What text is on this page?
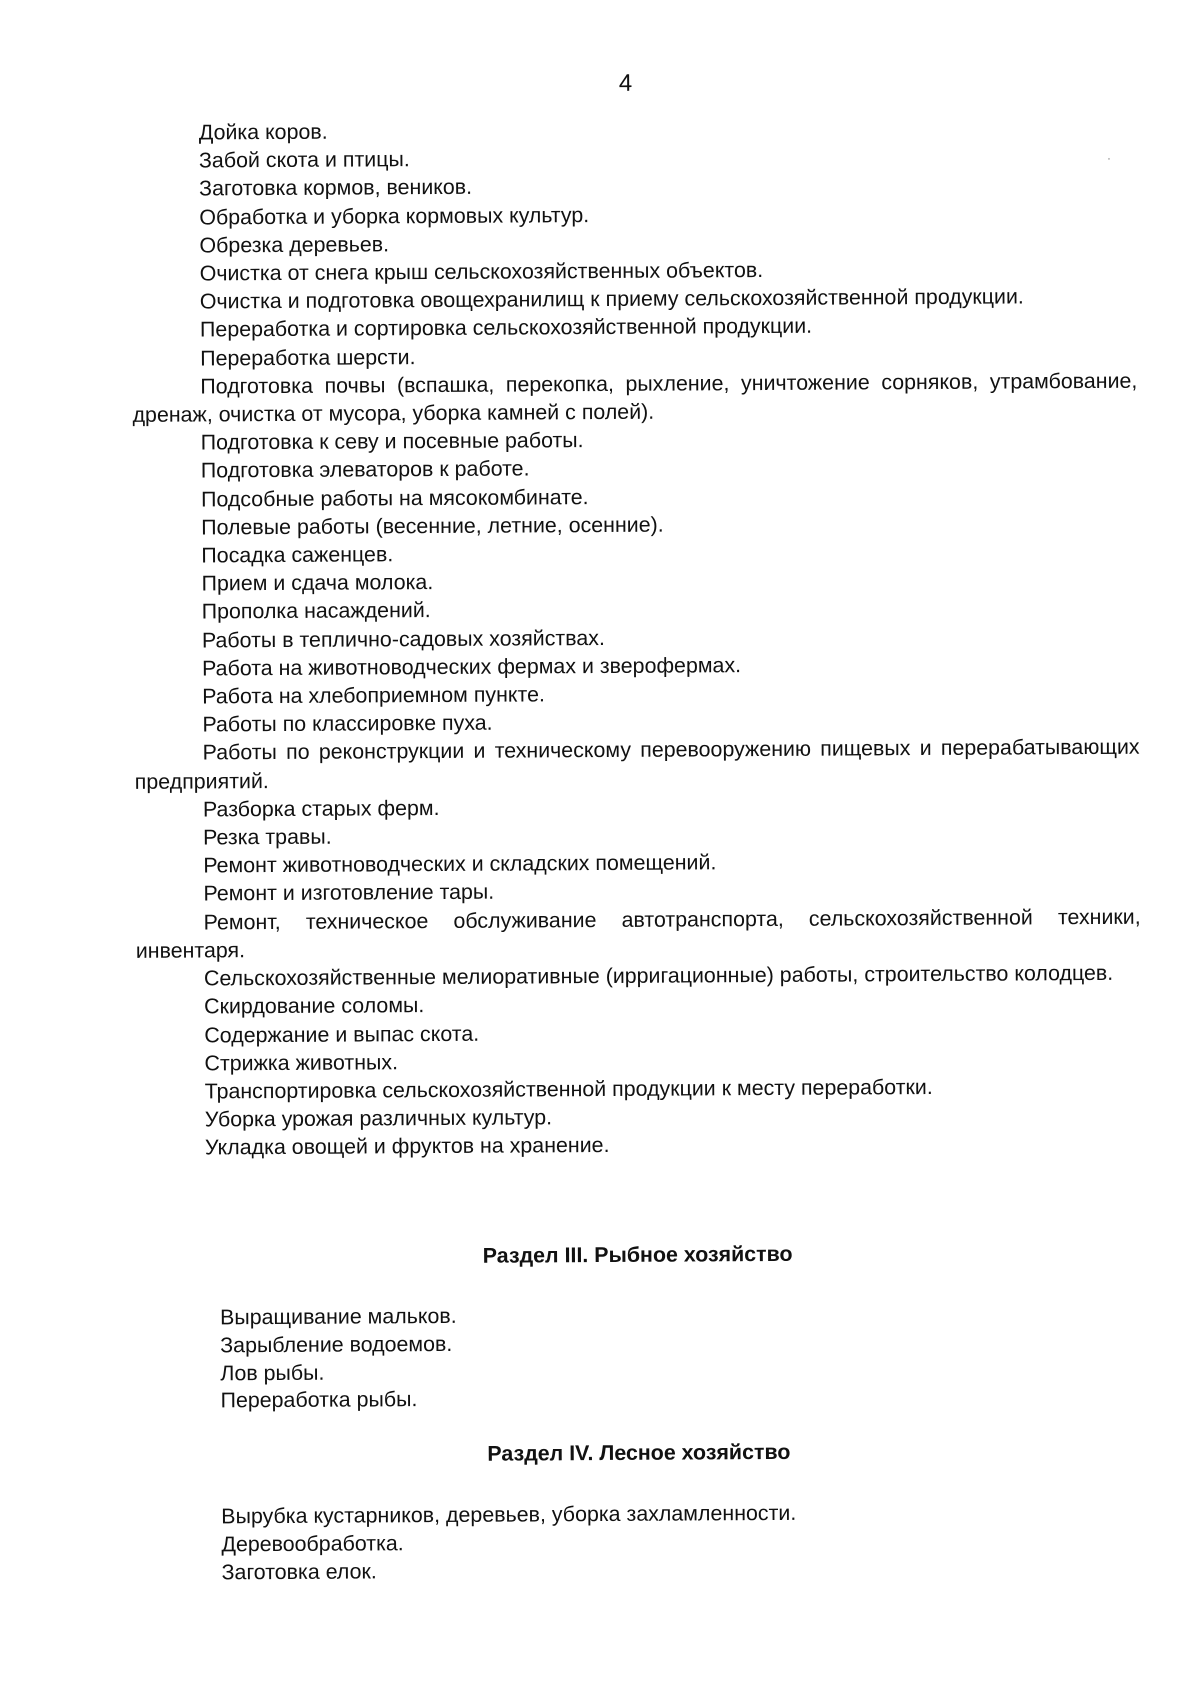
4

Дойка коров.

Забой скота и птицы.

Заготовка кормов, веников.

Обработка и уборка кормовых культур.

Обрезка деревьев.

Очистка от снега крыш сельскохозяйственных объектов.

Очистка и подготовка овощехранилищ к приему сельскохозяйственной продукции.

Переработка и сортировка сельскохозяйственной продукции.

Переработка шерсти.

Подготовка почвы (вспашка, перекопка, рыхление, уничтожение сорняков, утрамбование, дренаж, очистка от мусора, уборка камней с полей).

Подготовка к севу и посевные работы.

Подготовка элеваторов к работе.

Подсобные работы на мясокомбинате.

Полевые работы (весенние, летние, осенние).

Посадка саженцев.

Прием и сдача молока.

Прополка насаждений.

Работы в теплично-садовых хозяйствах.

Работа на животноводческих фермах и зверофермах.

Работа на хлебоприемном пункте.

Работы по классировке пуха.

Работы по реконструкции и техническому перевооружению пищевых и перерабатывающих предприятий.

Разборка старых ферм.

Резка травы.

Ремонт животноводческих и складских помещений.

Ремонт и изготовление тары.

Ремонт, техническое обслуживание автотранспорта, сельскохозяйственной техники, инвентаря.

Сельскохозяйственные мелиоративные (ирригационные) работы, строительство колодцев.

Скирдование соломы.

Содержание и выпас скота.

Стрижка животных.

Транспортировка сельскохозяйственной продукции к месту переработки.

Уборка урожая различных культур.

Укладка овощей и фруктов на хранение.

Раздел III. Рыбное хозяйство

Выращивание мальков.

Зарыбление водоемов.

Лов рыбы.

Переработка рыбы.

Раздел IV. Лесное хозяйство

Вырубка кустарников, деревьев, уборка захламленности.

Деревообработка.

Заготовка елок.
